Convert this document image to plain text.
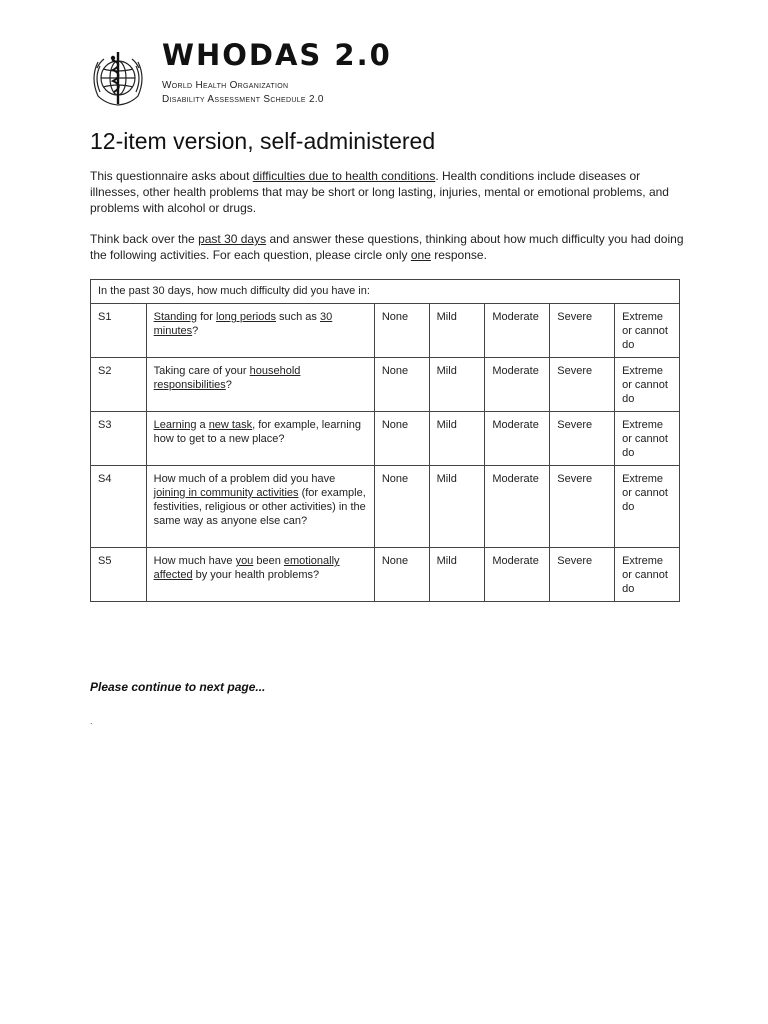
WHODAS 2.0
World Health Organization
Disability Assessment Schedule 2.0
12-item version, self-administered

This questionnaire asks about difficulties due to health conditions. Health conditions include diseases or illnesses, other health problems that may be short or long lasting, injuries, mental or emotional problems, and problems with alcohol or drugs.

Think back over the past 30 days and answer these questions, thinking about how much difficulty you had doing the following activities. For each question, please circle only one response.

In the past 30 days, how much difficulty did you have in:						
S1	Standing for long periods such as 30 minutes?	None	Mild	Moderate	Severe	Extreme or cannot do
S2	Taking care of your household responsibilities?	None	Mild	Moderate	Severe	Extreme or cannot do
S3	Learning a new task, for example, learning how to get to a new place?	None	Mild	Moderate	Severe	Extreme or cannot do
S4	How much of a problem did you have joining in community activities (for example, festivities, religious or other activities) in the same way as anyone else can?	None	Mild	Moderate	Severe	Extreme or cannot do
S5	How much have you been emotionally affected by your health problems?	None	Mild	Moderate	Severe	Extreme or cannot do

Please continue to next page...

.
